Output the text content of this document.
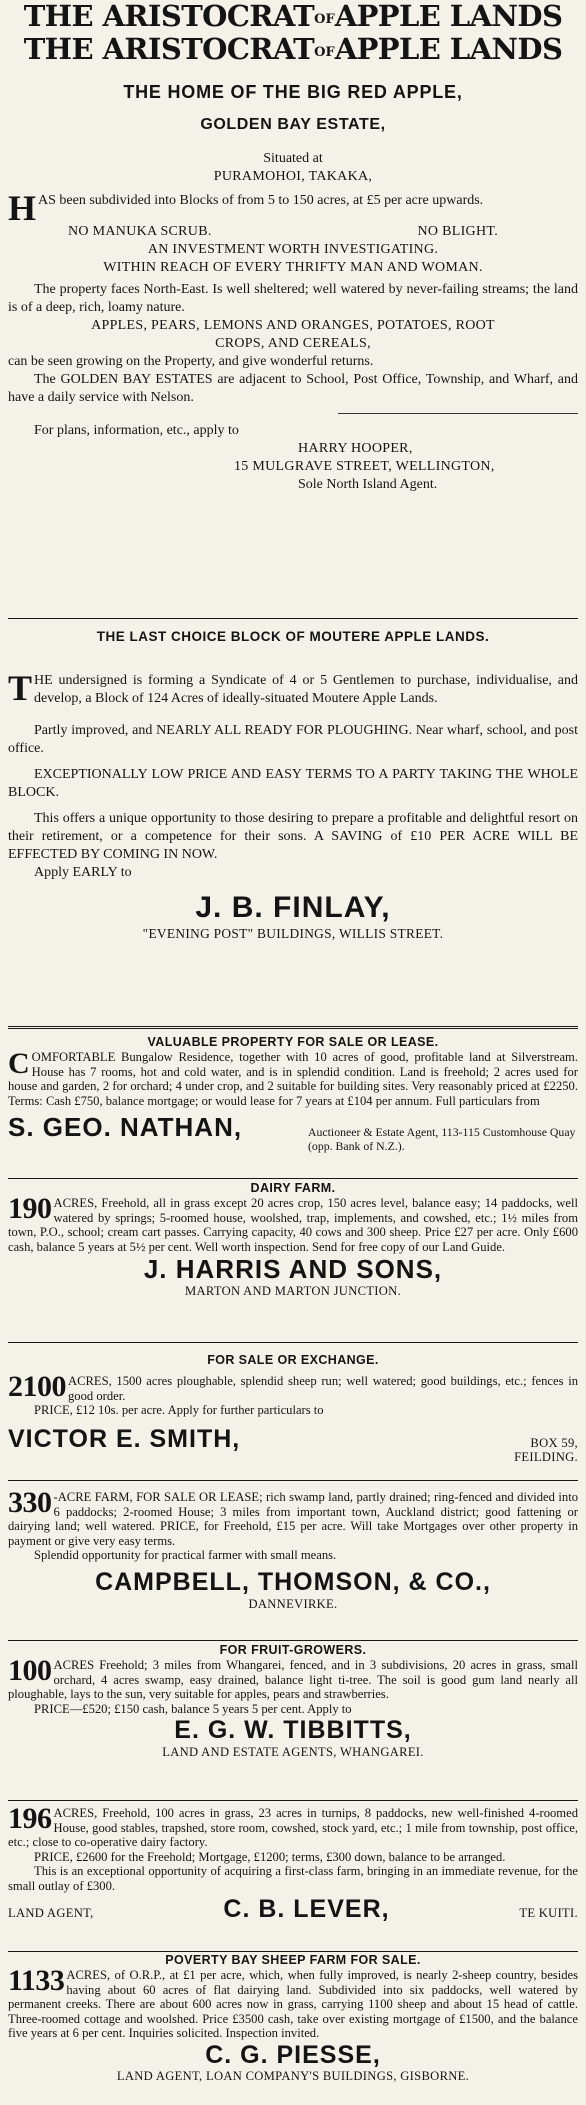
THE $ARISTOCRAT^{OF}APPLE$ LANDS
THE $ARISTOCRAT^{OF}APPLE$ LANDS

THE HOME OF THE BIG RED APPLE,

GOLDEN BAY ESTATE,

Situated at

PURAMOHOI, TAKAKA,

HAS been subdivided into Blocks of from 5 to 150 acres, at £5 per acre upwards.

NO MANUKA SCRUB.	NO BLIGHT.

AN INVESTMENT WORTH INVESTIGATING.

WITHIN REACH OF EVERY THRIFTY MAN AND WOMAN.

The property faces North-East. Is well sheltered; well watered by never-failing streams; the land is of a deep, rich, loamy nature.

APPLES, PEARS, LEMONS AND ORANGES, POTATOES, ROOT

CROPS, AND CEREALS,

can be seen growing on the Property, and give wonderful returns.

The GOLDEN BAY ESTATES are adjacent to School, Post Office, Township, and Wharf, and have a daily service with Nelson.

For plans, information, etc., apply to

HARRY HOOPER,

15 MULGRAVE STREET, WELLINGTON,

Sole North Island Agent.

THE LAST CHOICE BLOCK OF MOUTERE APPLE LANDS.

THE undersigned is forming a Syndicate of 4 or 5 Gentlemen to purchase, individualise, and develop, a Block of 124 Acres of ideally-situated Moutere Apple Lands.

Partly improved, and NEARLY ALL READY FOR PLOUGHING. Near wharf, school, and post office.

EXCEPTIONALLY LOW PRICE AND EASY TERMS TO A PARTY TAKING THE WHOLE BLOCK.

This offers a unique opportunity to those desiring to prepare a profitable and delightful resort on their retirement, or a competence for their sons. A SAVING of £10 PER ACRE WILL BE EFFECTED BY COMING IN NOW.

Apply EARLY to

J. B. FINLAY,

"EVENING POST" BUILDINGS, WILLIS STREET.

VALUABLE PROPERTY FOR SALE OR LEASE.

COMFORTABLE Bungalow Residence, together with 10 acres of good, profitable land at Silverstream. House has 7 rooms, hot and cold water, and is in splendid condition. Land is freehold; 2 acres used for house and garden, 2 for orchard; 4 under crop, and 2 suitable for building sites. Very reasonably priced at £2250. Terms: Cash £750, balance mortgage; or would lease for 7 years at £104 per annum. Full particulars from

S. GEO. NATHAN,	Auctioneer & Estate Agent, 113-115 Customhouse Quay (opp. Bank of N.Z.).

DAIRY FARM.

190 ACRES, Freehold, all in grass except 20 acres crop, 150 acres level, balance easy; 14 paddocks, well watered by springs; 5-roomed house, woolshed, trap, implements, and cowshed, etc.; 1½ miles from town, P.O., school; cream cart passes. Carrying capacity, 40 cows and 300 sheep. Price £27 per acre. Only £600 cash, balance 5 years at 5½ per cent. Well worth inspection. Send for free copy of our Land Guide.

J. HARRIS AND SONS,

MARTON AND MARTON JUNCTION.

FOR SALE OR EXCHANGE.

2100 ACRES, 1500 acres ploughable, splendid sheep run; well watered; good buildings, etc.; fences in good order.

PRICE, £12 10s. per acre. Apply for further particulars to

VICTOR E. SMITH,	BOX 59,
FEILDING.

330 -ACRE FARM, FOR SALE OR LEASE; rich swamp land, partly drained; ring-fenced and divided into 6 paddocks; 2-roomed House; 3 miles from important town, Auckland district; good fattening or dairying land; well watered. PRICE, for Freehold, £15 per acre. Will take Mortgages over other property in payment or give very easy terms.

Splendid opportunity for practical farmer with small means.

CAMPBELL, THOMSON, & CO.,

DANNEVIRKE.

FOR FRUIT-GROWERS.

100 ACRES Freehold; 3 miles from Whangarei, fenced, and in 3 subdivisions, 20 acres in grass, small orchard, 4 acres swamp, easy drained, balance light ti-tree. The soil is good gum land nearly all ploughable, lays to the sun, very suitable for apples, pears and strawberries.

PRICE—£520; £150 cash, balance 5 years 5 per cent. Apply to

E. G. W. TIBBITTS,

LAND AND ESTATE AGENTS, WHANGAREI.

196 ACRES, Freehold, 100 acres in grass, 23 acres in turnips, 8 paddocks, new well-finished 4-roomed House, good stables, trapshed, store room, cowshed, stock yard, etc.; 1 mile from township, post office, etc.; close to co-operative dairy factory.

PRICE, £2600 for the Freehold; Mortgage, £1200; terms, £300 down, balance to be arranged.

This is an exceptional opportunity of acquiring a first-class farm, bringing in an immediate revenue, for the small outlay of £300.

LAND AGENT,	C. B. LEVER,	TE KUITI.

POVERTY BAY SHEEP FARM FOR SALE.

1133 ACRES, of O.R.P., at £1 per acre, which, when fully improved, is nearly 2-sheep country, besides having about 60 acres of flat dairying land. Subdivided into six paddocks, well watered by permanent creeks. There are about 600 acres now in grass, carrying 1100 sheep and about 15 head of cattle. Three-roomed cottage and woolshed. Price £3500 cash, take over existing mortgage of £1500, and the balance five years at 6 per cent. Inquiries solicited. Inspection invited.

C. G. PIESSE,

LAND AGENT, LOAN COMPANY'S BUILDINGS, GISBORNE.
